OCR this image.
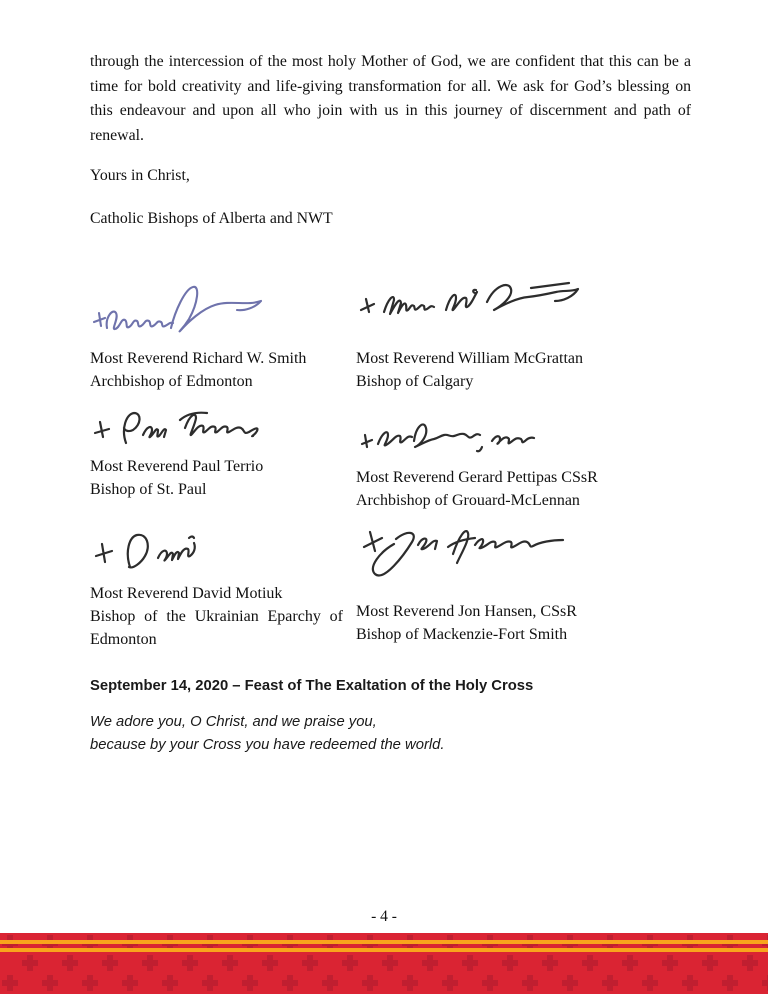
through the intercession of the most holy Mother of God, we are confident that this can be a time for bold creativity and life-giving transformation for all. We ask for God’s blessing on this endeavour and upon all who join with us in this journey of discernment and path of renewal.
Yours in Christ,
Catholic Bishops of Alberta and NWT
Most Reverend Richard W. Smith
Archbishop of Edmonton
Most Reverend William McGrattan
Bishop of Calgary
Most Reverend Paul Terrio
Bishop of St. Paul
Most Reverend Gerard Pettipas CSsR
Archbishop of Grouard-McLennan
Most Reverend David Motiuk
Bishop of the Ukrainian Eparchy of Edmonton
Most Reverend Jon Hansen, CSsR
Bishop of Mackenzie-Fort Smith
September 14, 2020 – Feast of The Exaltation of the Holy Cross
We adore you, O Christ, and we praise you,
because by your Cross you have redeemed the world.
- 4 -
